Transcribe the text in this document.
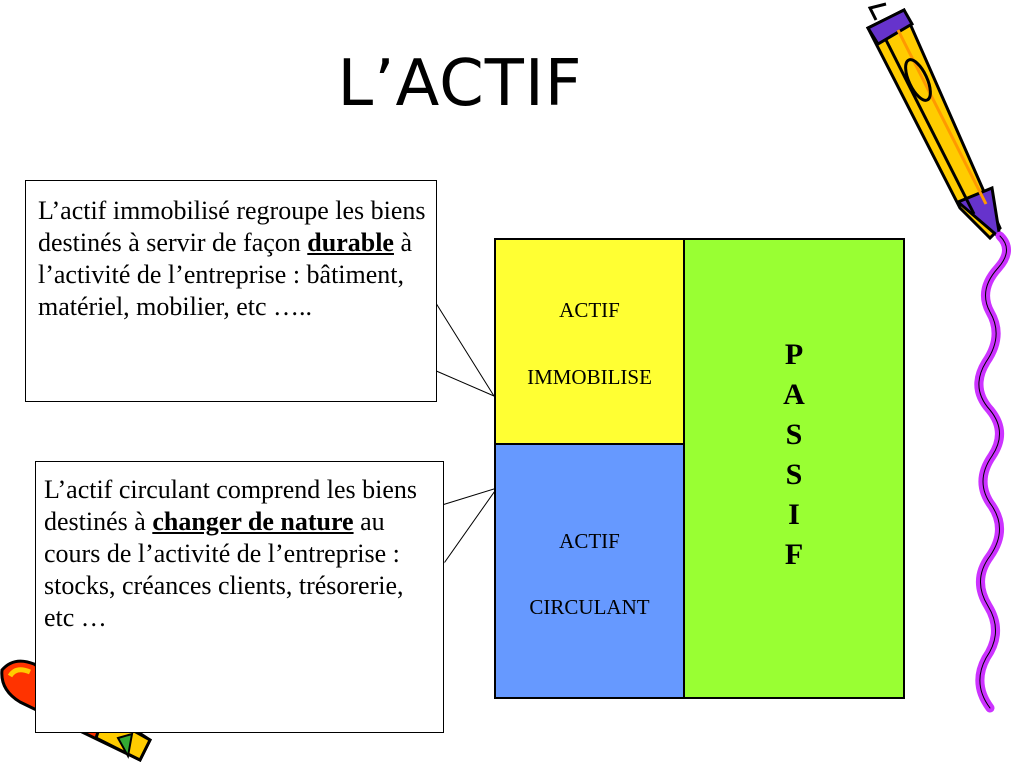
L’ACTIF

L’actif immobilisé regroupe les biens destinés à servir de façon durable à l’activité de l’entreprise : bâtiment, matériel, mobilier, etc …..

L’actif circulant comprend les biens destinés à changer de nature au cours de l’activité de l’entreprise : stocks, créances clients, trésorerie, etc …

ACTIF
IMMOBILISE
ACTIF
CIRCULANT
P
A
S
S
I
F
